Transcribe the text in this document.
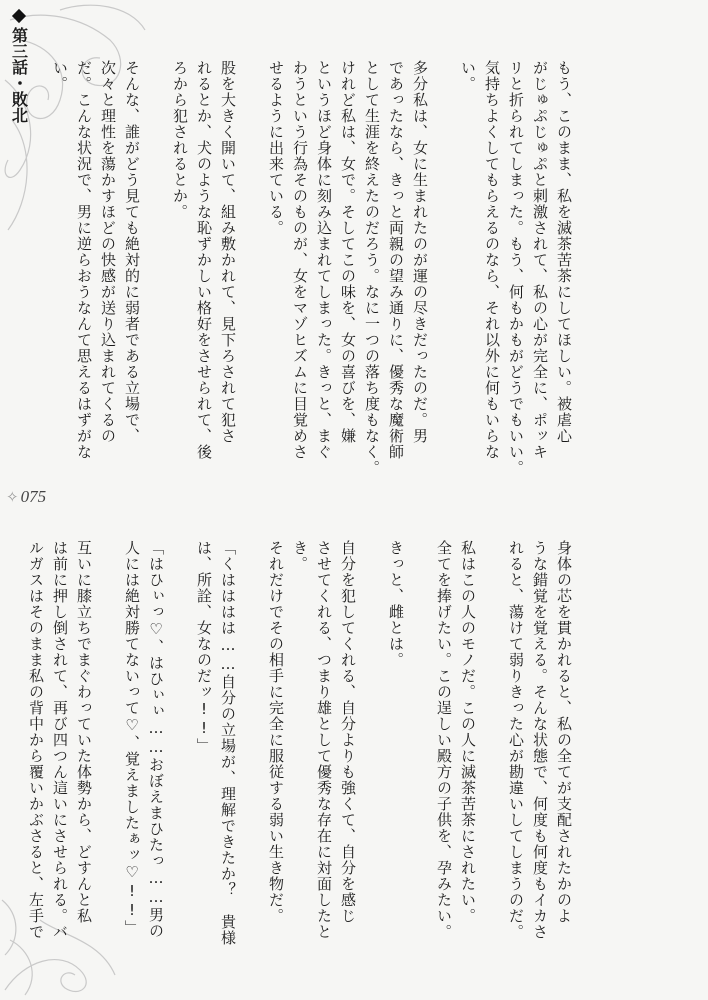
第三話・敗北
✧ 075
もう、このまま、私を滅茶苦茶にしてほしい。被虐心
がじゅぷじゅぷと刺激されて、私の心が完全に、ポッキ
リと折られてしまった。もう、何もかもがどうでもいい。
気持ちよくしてもらえるのなら、それ以外に何もいらな
い。
多分私は、女に生まれたのが運の尽きだったのだ。男
であったなら、きっと両親の望み通りに、優秀な魔術師
として生涯を終えたのだろう。なに一つの落ち度もなく。
けれど私は、女で。そしてこの味を、女の喜びを、嫌
というほど身体に刻み込まれてしまった。きっと、まぐ
わうという行為そのものが、女をマゾヒズムに目覚めさ
せるように出来ている。
股を大きく開いて、組み敷かれて、見下ろされて犯さ
れるとか、犬のような恥ずかしい格好をさせられて、後
ろから犯されるとか。
そんな、誰がどう見ても絶対的に弱者である立場で、
次々と理性を蕩かすほどの快感が送り込まれてくるの
だ。こんな状況で、男に逆らおうなんて思えるはずがな
い。
身体の芯を貫かれると、私の全てが支配されたかのよ
うな錯覚を覚える。そんな状態で、何度も何度もイカさ
れると、蕩けて弱りきった心が勘違いしてしまうのだ。
私はこの人のモノだ。この人に滅茶苦茶にされたい。
全てを捧げたい。この逞しい殿方の子供を、孕みたい。
きっと、雌とは。
自分を犯してくれる、自分よりも強くて、自分を感じ
させてくれる、つまり雄として優秀な存在に対面したとき。
それだけでその相手に完全に服従する弱い生き物だ。
「くはははは……自分の立場が、理解できたか？　貴様
は、所詮、女なのだッ!!」
「はひぃっ♡、はひぃぃ……おぼえまひたっ……男の
人には絶対勝てないって♡、覚えましたぁッ♡!!」
互いに膝立ちでまぐわっていた体勢から、どすんと私
は前に押し倒されて、再び四つん這いにさせられる。バ
ルガスはそのまま私の背中から覆いかぶさると、左手で
